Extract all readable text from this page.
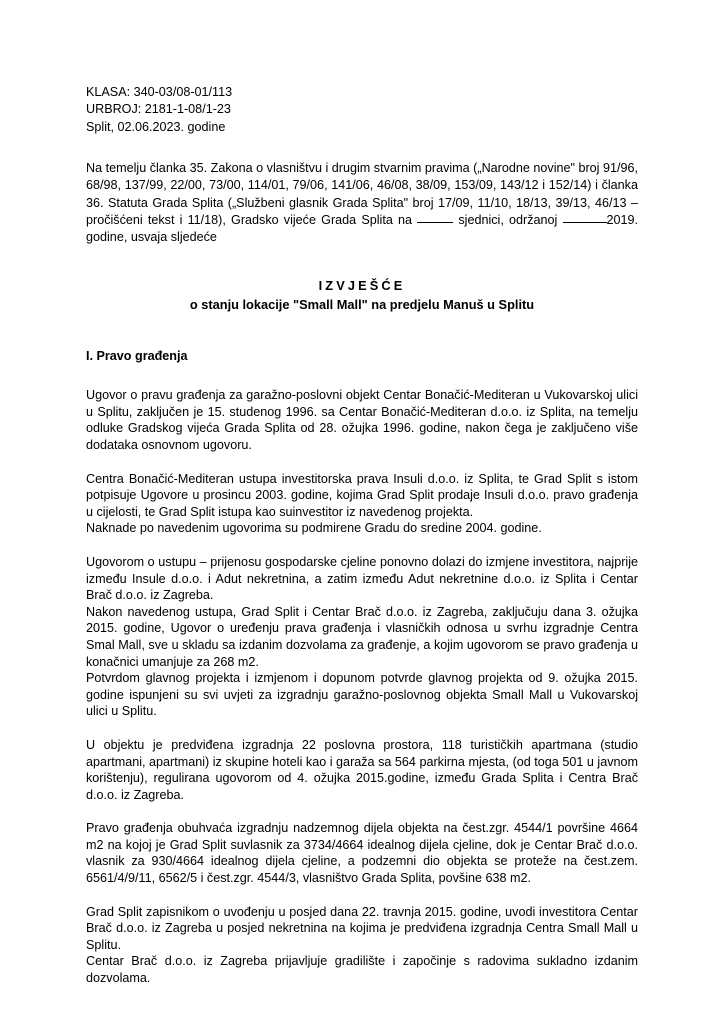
KLASA: 340-03/08-01/113
URBROJ: 2181-1-08/1-23
Split, 02.06.2023. godine

Na temelju članka 35. Zakona o vlasništvu i drugim stvarnim pravima („Narodne novine" broj 91/96, 68/98, 137/99, 22/00, 73/00, 114/01, 79/06, 141/06, 46/08, 38/09, 153/09, 143/12 i 152/14) i članka 36. Statuta Grada Splita („Službeni glasnik Grada Splita" broj 17/09, 11/10, 18/13, 39/13, 46/13 – pročišćeni tekst i 11/18), Gradsko vijeće Grada Splita na	sjednici, održanoj	2019. godine, usvaja sljedeće

IZVJEŠĆE
o stanju lokacije "Small Mall" na predjelu Manuš u Splitu
I. Pravo građenja

Ugovor o pravu građenja za garažno-poslovni objekt Centar Bonačić-Mediteran u Vukovarskoj ulici u Splitu, zaključen je 15. studenog 1996. sa Centar Bonačić-Mediteran d.o.o. iz Splita, na temelju odluke Gradskog vijeća Grada Splita od 28. ožujka 1996. godine, nakon čega je zaključeno više dodataka osnovnom ugovoru.

Centra Bonačić-Mediteran ustupa investitorska prava Insuli d.o.o. iz Splita, te Grad Split s istom potpisuje Ugovore u prosincu 2003. godine, kojima Grad Split prodaje Insuli d.o.o. pravo građenja u cijelosti, te Grad Split istupa kao suinvestitor iz navedenog projekta.

Naknade po navedenim ugovorima su podmirene Gradu do sredine 2004. godine.

Ugovorom o ustupu – prijenosu gospodarske cjeline ponovno dolazi do izmjene investitora, najprije između Insule d.o.o. i Adut nekretnina, a zatim između Adut nekretnine d.o.o. iz Splita i Centar Brač d.o.o. iz Zagreba.

Nakon navedenog ustupa, Grad Split i Centar Brač d.o.o. iz Zagreba, zaključuju dana 3. ožujka 2015. godine, Ugovor o uređenju prava građenja i vlasničkih odnosa u svrhu izgradnje Centra Smal Mall, sve u skladu sa izdanim dozvolama za građenje, a kojim ugovorom se pravo građenja u konačnici umanjuje za 268 m2.

Potvrdom glavnog projekta i izmjenom i dopunom potvrde glavnog projekta od 9. ožujka 2015. godine ispunjeni su svi uvjeti za izgradnju garažno-poslovnog objekta Small Mall u Vukovarskoj ulici u Splitu.

U objektu je predviđena izgradnja 22 poslovna prostora, 118 turističkih apartmana (studio apartmani, apartmani) iz skupine hoteli kao i garaža sa 564 parkirna mjesta, (od toga 501 u javnom korištenju), regulirana ugovorom od 4. ožujka 2015.godine, između Grada Splita i Centra Brač d.o.o. iz Zagreba.

Pravo građenja obuhvaća izgradnju nadzemnog dijela objekta na čest.zgr. 4544/1 površine 4664 m2 na kojoj je Grad Split suvlasnik za 3734/4664 idealnog dijela cjeline, dok je Centar Brač d.o.o. vlasnik za 930/4664 idealnog dijela cjeline, a podzemni dio objekta se proteže na čest.zem. 6561/4/9/11, 6562/5 i čest.zgr. 4544/3, vlasništvo Grada Splita, povšine 638 m2.

Grad Split zapisnikom o uvođenju u posjed dana 22. travnja 2015. godine, uvodi investitora Centar Brač d.o.o. iz Zagreba u posjed nekretnina na kojima je predviđena izgradnja Centra Small Mall u Splitu.

Centar Brač d.o.o. iz Zagreba prijavljuje gradilište i započinje s radovima sukladno izdanim dozvolama.
